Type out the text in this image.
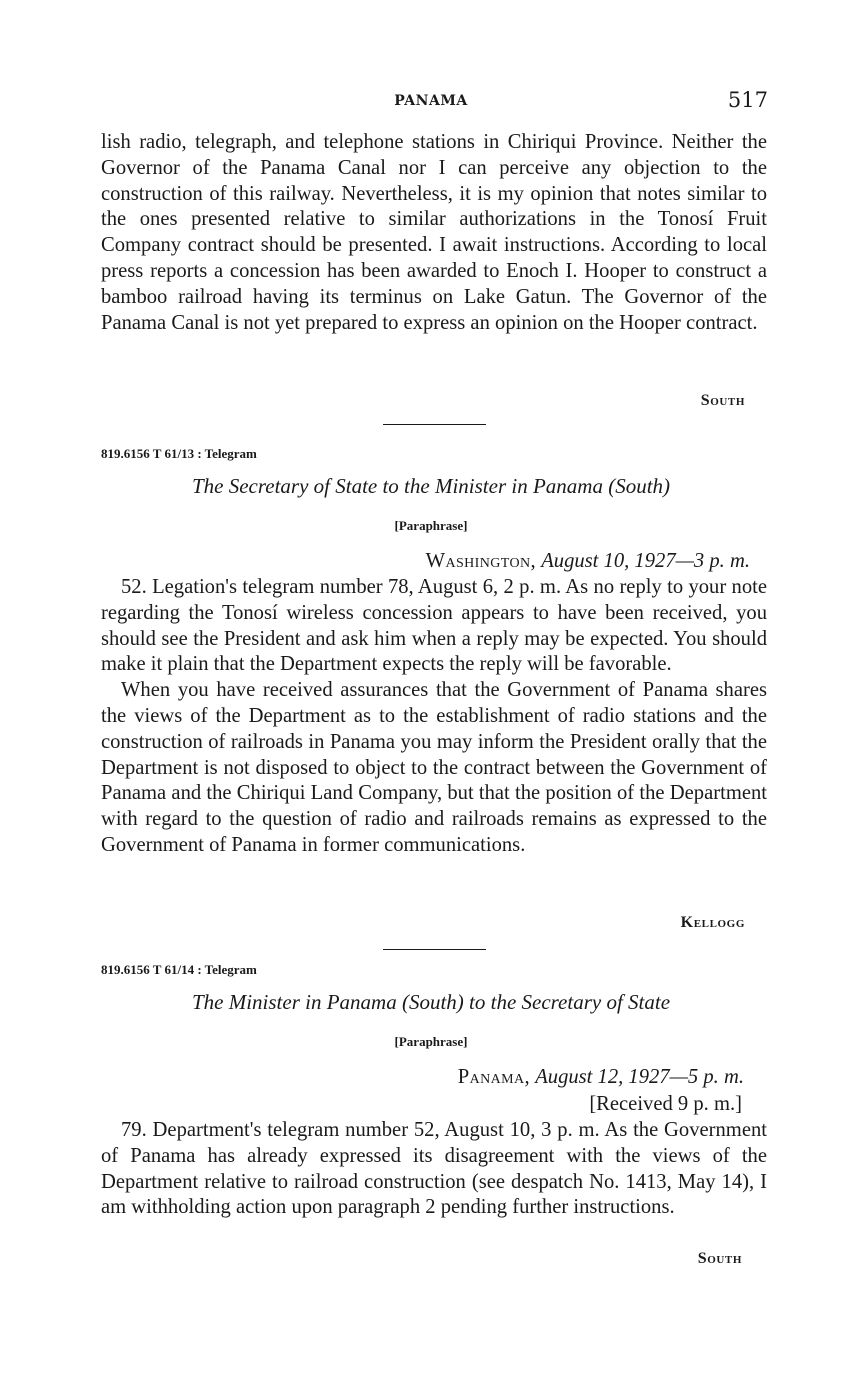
PANAMA	517

lish radio, telegraph, and telephone stations in Chiriqui Province. Neither the Governor of the Panama Canal nor I can perceive any objection to the construction of this railway. Nevertheless, it is my opinion that notes similar to the ones presented relative to similar authorizations in the Tonosí Fruit Company contract should be presented. I await instructions. According to local press reports a concession has been awarded to Enoch I. Hooper to construct a bamboo railroad having its terminus on Lake Gatun. The Governor of the Panama Canal is not yet prepared to express an opinion on the Hooper contract.

South
819.6156 T 61/13 : Telegram
The Secretary of State to the Minister in Panama (South)
[Paraphrase]
Washington, August 10, 1927—3 p. m.

52. Legation's telegram number 78, August 6, 2 p. m. As no reply to your note regarding the Tonosí wireless concession appears to have been received, you should see the President and ask him when a reply may be expected. You should make it plain that the Department expects the reply will be favorable.

When you have received assurances that the Government of Panama shares the views of the Department as to the establishment of radio stations and the construction of railroads in Panama you may inform the President orally that the Department is not disposed to object to the contract between the Government of Panama and the Chiriqui Land Company, but that the position of the Department with regard to the question of radio and railroads remains as expressed to the Government of Panama in former communications.

Kellogg
819.6156 T 61/14 : Telegram
The Minister in Panama (South) to the Secretary of State
[Paraphrase]
Panama, August 12, 1927—5 p. m.
[Received 9 p. m.]

79. Department's telegram number 52, August 10, 3 p. m. As the Government of Panama has already expressed its disagreement with the views of the Department relative to railroad construction (see despatch No. 1413, May 14), I am withholding action upon paragraph 2 pending further instructions.

South
